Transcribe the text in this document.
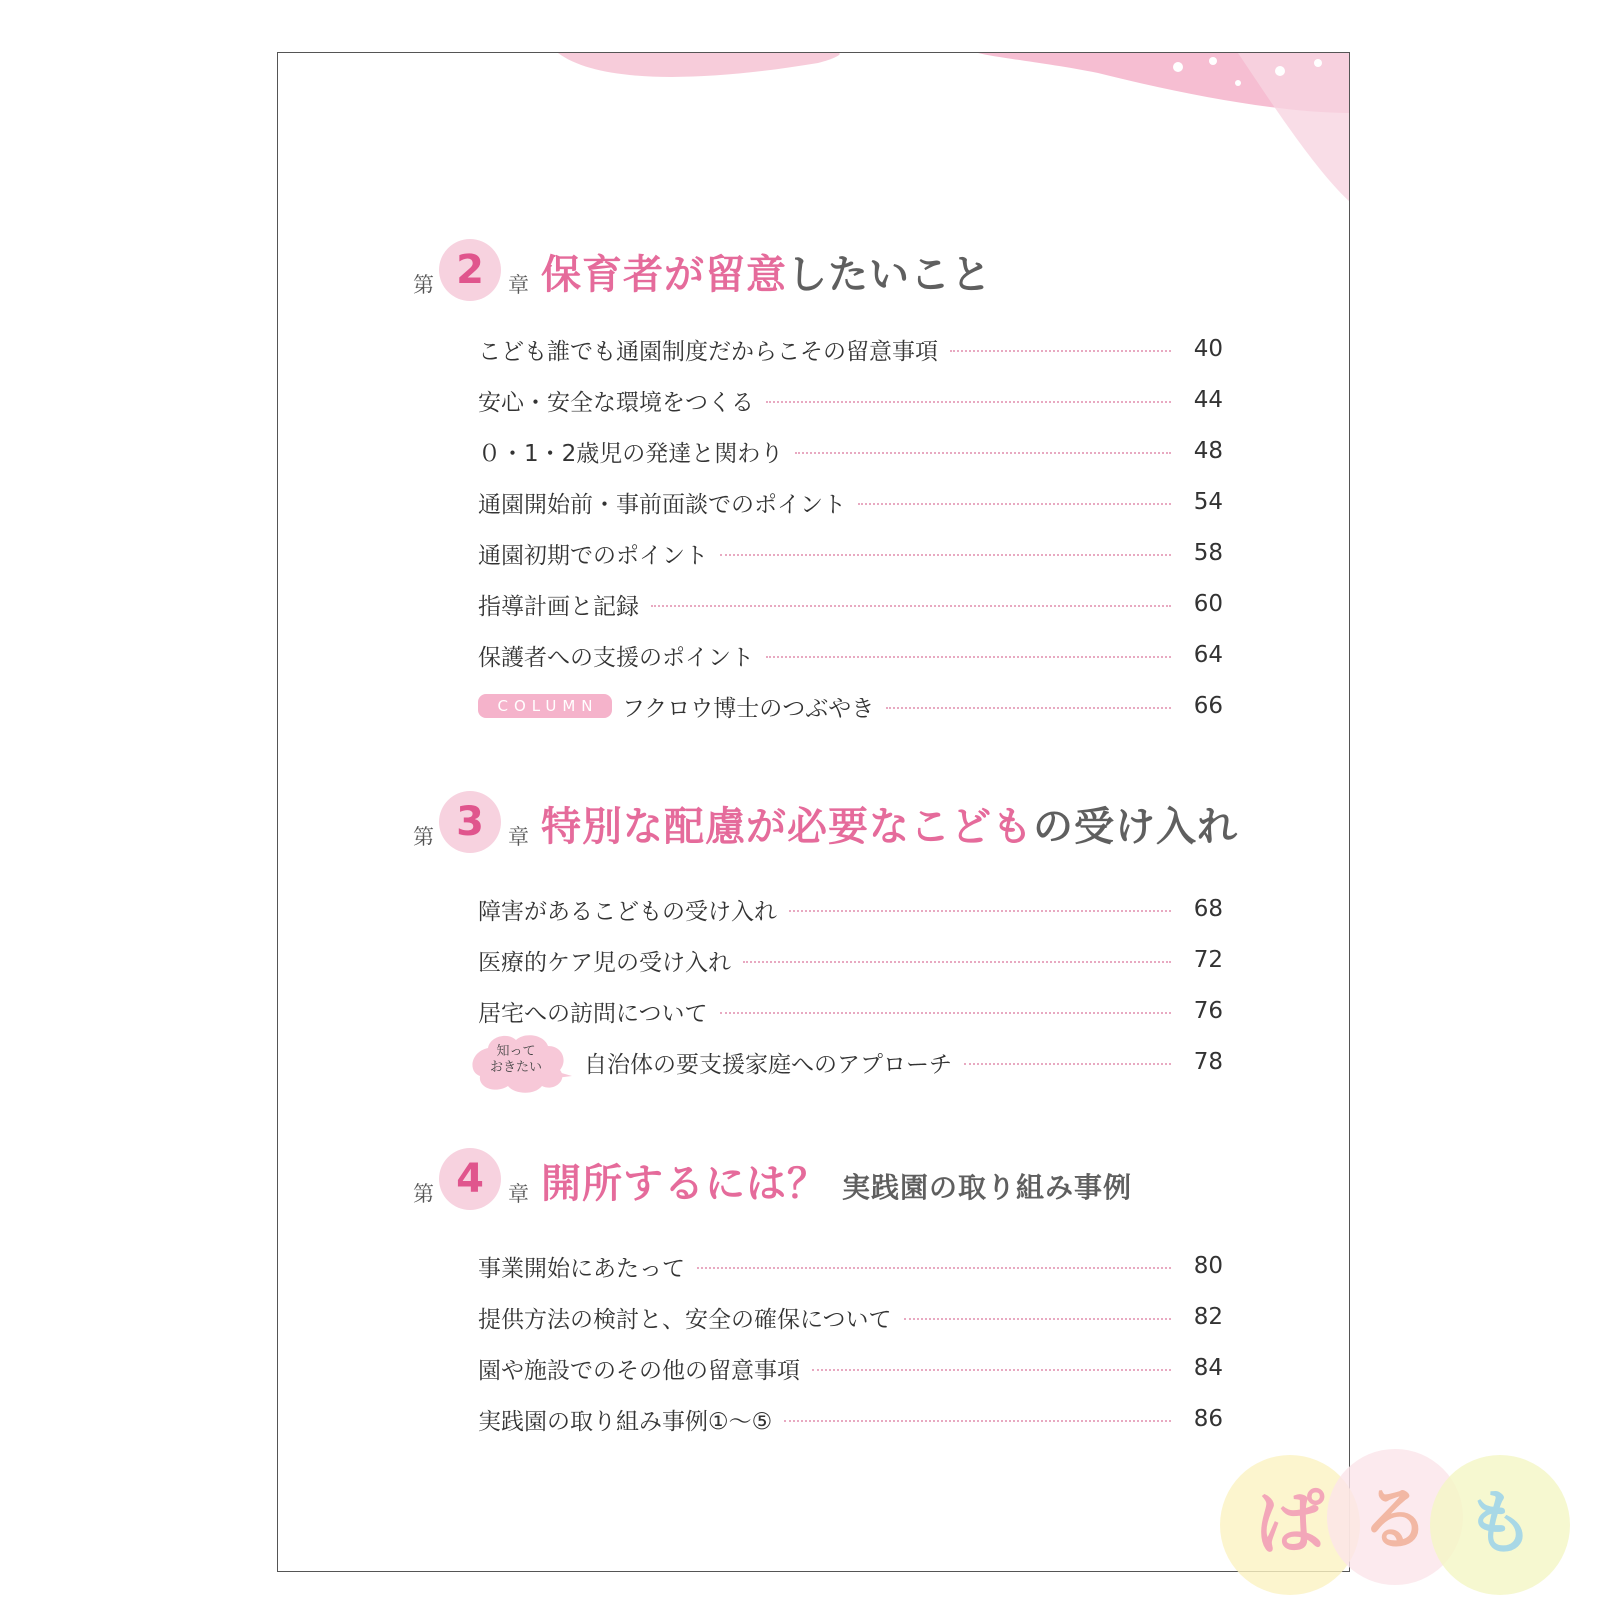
第 2	章 保育者が留意したいこと
こども誰でも通園制度だからこその留意事項	40
安心・安全な環境をつくる	44
０・1・2歳児の発達と関わり	48
通園開始前・事前面談でのポイント	54
通園初期でのポイント	58
指導計画と記録	60
保護者への支援のポイント	64
COLUMN	フクロウ博士のつぶやき	66
第 3	章 特別な配慮が必要なこどもの受け入れ
障害があるこどもの受け入れ	68
医療的ケア児の受け入れ	72
居宅への訪問について	76
知って
おきたい	自治体の要支援家庭へのアプローチ	78
第 4	章 開所するには？ 実践園の取り組み事例
事業開始にあたって	80
提供方法の検討と、安全の確保について	82
園や施設でのその他の留意事項	84
実践園の取り組み事例①～⑤	86
ぱ る も
